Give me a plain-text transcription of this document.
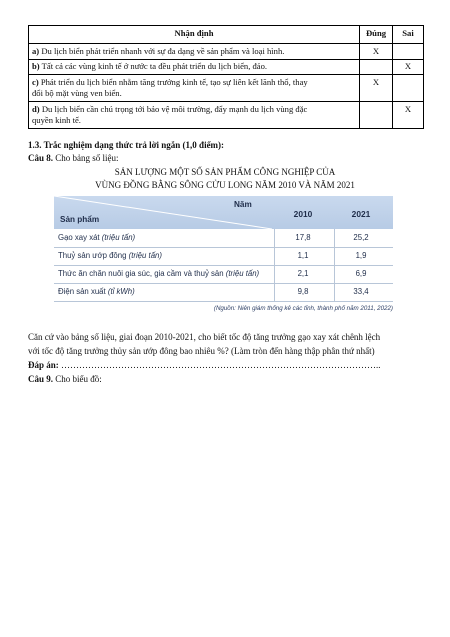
Nhận định	Đúng	Sai
a) Du lịch biển phát triển nhanh với sự đa dạng về sản phẩm và loại hình.	X	
b) Tất cả các vùng kinh tế ở nước ta đều phát triển du lịch biển, đảo.		X
c) Phát triển du lịch biển nhằm tăng trưởng kinh tế, tạo sự liên kết lãnh thổ, thay
đổi bộ mặt vùng ven biển.	X	
d) Du lịch biển cần chú trọng tới bảo vệ môi trường, đẩy mạnh du lịch vùng đặc
quyền kinh tế.		X
1.3. Trắc nghiệm dạng thức trả lời ngắn (1,0 điểm):
Câu 8. Cho bảng số liệu:
SẢN LƯỢNG MỘT SỐ SẢN PHẨM CÔNG NGHIỆP CỦA
VÙNG ĐỒNG BẰNG SÔNG CỬU LONG NĂM 2010 VÀ NĂM 2021
Năm
Sản phẩm
2010	2021
Gạo xay xát (triệu tấn)	17,8	25,2
Thuỷ sản ướp đông (triệu tấn)	1,1	1,9
Thức ăn chăn nuôi gia súc, gia cầm và thuỷ sản (triệu tấn)	2,1	6,9
Điện sản xuất (tỉ kWh)	9,8	33,4
(Nguồn: Niên giám thống kê các tỉnh, thành phố năm 2011, 2022)
Căn cứ vào bảng số liệu, giai đoạn 2010-2021, cho biết tốc độ tăng trưởng gạo xay xát chênh lệch
với tốc độ tăng trưởng thủy sản ướp đông bao nhiêu %? (Làm tròn đến hàng thập phân thứ nhất)
Đáp án: ……………………………………………………………………………………………..
Câu 9. Cho biểu đồ:
